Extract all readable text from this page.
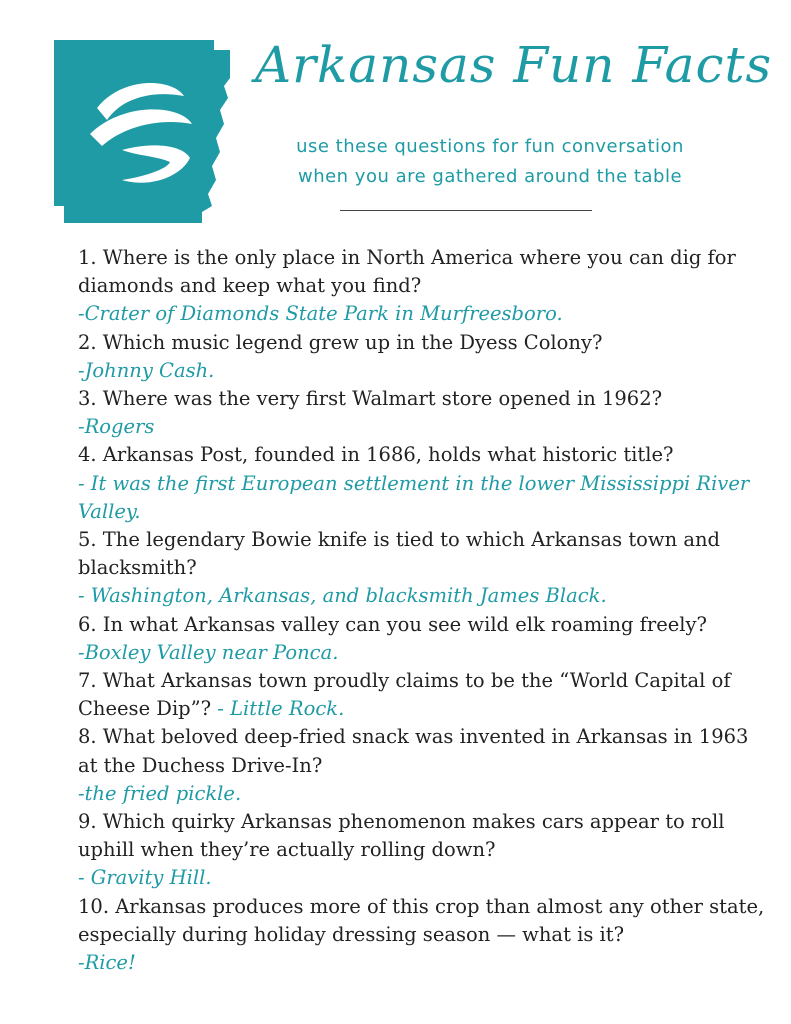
Arkansas Fun Facts
use these questions for fun conversation
when you are gathered around the table

1. Where is the only place in North America where you can dig for diamonds and keep what you find?

-Crater of Diamonds State Park in Murfreesboro.

2. Which music legend grew up in the Dyess Colony?

-Johnny Cash.

3. Where was the very first Walmart store opened in 1962?

-Rogers

4. Arkansas Post, founded in 1686, holds what historic title?

- It was the first European settlement in the lower Mississippi River Valley.

5. The legendary Bowie knife is tied to which Arkansas town and blacksmith?

- Washington, Arkansas, and blacksmith James Black.

6. In what Arkansas valley can you see wild elk roaming freely?

-Boxley Valley near Ponca.

7. What Arkansas town proudly claims to be the “World Capital of Cheese Dip”? - Little Rock.

8. What beloved deep-fried snack was invented in Arkansas in 1963 at the Duchess Drive-In?

-the fried pickle.

9. Which quirky Arkansas phenomenon makes cars appear to roll uphill when they’re actually rolling down?

- Gravity Hill.

10. Arkansas produces more of this crop than almost any other state, especially during holiday dressing season — what is it?

-Rice!
